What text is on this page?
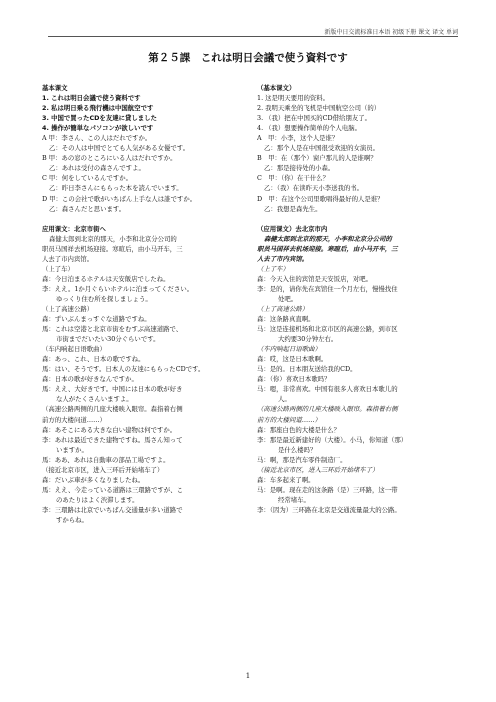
新版中日交流标准日本语 初级下册 课文 译文 单词
第２５課　これは明日会議で使う資料です
基本课文
1. これは明日会議で使う資料です
2. 私は明日乗る飛行機は中国航空です
3. 中国で買ったCDを友達に貸しました
4. 操作が簡単なパソコンが欲しいです
A 甲：李さん、この人はだれですか。
乙：その人は中国でとても人気がある女優です。
B 甲：あの窓のところにいる人はだれですか。
乙：あれは受付の森さんですよ。
C 甲：何をしているんですか。
乙：昨日李さんにもらった本を読んでいます。
D 甲：この会社で歌がいちばん上手な人は誰ですか。
乙：森さんだと思います。
应用课文：北京市街へ
森健太郎到北京的那天，小李和北京分公司的
职员马国祥去机场迎接。寒暄后，由小马开车，三
人去了市内宾馆。
（上了车）
森：今日泊まるホテルは天安飯店でしたね。
李：ええ。1か月ぐらいホテルに泊まってください。
ゆっくり住む所を探しましょう。
（上了高速公路）
森：ずいぶんまっすぐな道路ですね。
馬：これは空港と北京市街をむすぶ高速道路で、
市街までだいたい30分ぐらいです。
（车内响起日语歌曲）
森：あっ、これ、日本の歌ですね。
馬：はい、そうです。日本人の友達にもらったCDです。
森：日本の歌が好きなんですか。
馬：ええ、大好きです。中国には日本の歌が好き
な人がたくさんいますよ。
（高速公路两侧的几座大楼映入眼帘。森指着右侧
前方的大楼问道……）
森：あそこにある大きな白い建物は何ですか。
李：あれは最近できた建物ですね。馬さん知って
いますか。
馬：ああ、あれは自動車の部品工場ですよ。
（接近北京市区，进入三环后开始堵车了）
森：だいぶ車が多くなりましたね。
馬：ええ、今走っている道路は三環路ですが、こ
のあたりはよく渋滞します。
李：三環路は北京でいちばん交通量が多い道路で
すからね。
（基本课文）
1. 这是明天要用的资料。
2. 我明天乘坐的飞机是中国航空公司（的）
3. （我）把在中国买的CD借给朋友了。
4. （我）想要操作简单的个人电脑。
A　甲：小李，这个人是谁？
乙：那个人是在中国很受欢迎的女演员。
B　甲：在（那个）窗户那儿的人是谁啊？
乙：那是接待处的小森。
C　甲：（你）在干什么？
乙：（我）在读昨天小李送我的书。
D　甲：在这个公司里歌唱得最好的人是谁？
乙：我想是森先生。
（应用课文）去北京市内
森健太郎到北京的那天，小李和北京分公司的
职员马国祥去机场迎接。寒暄后，由小马开车，三
人去了市内宾馆。
（上了车）
森：今天入住的宾馆是天安饭店，对吧。
李：是的，请你先在宾馆住一个月左右，慢慢找住
处吧。
（上了高速公路）
森：这条路真直啊。
马：这是连接机场和北京市区的高速公路，到市区
大约要30分钟左右。
（车内响起日语歌曲）
森：哎，这是日本歌啊。
马：是的。日本朋友送给我的CD。
森：（你）喜欢日本歌吗？
马：嗯，非常喜欢。中国有很多人喜欢日本歌儿的
人。
（高速公路两侧的几座大楼映入眼帘。森指着右侧
前方的大楼问道……）
森：那座白色的大楼是什么？
李：那是最近新建好的（大楼）。小马，你知道（那）
是什么楼吗？
马：啊，那是汽车零件制造厂。
（接近北京市区，进入三环后开始堵车了）
森：车多起来了啊。
马：是啊。现在走的这条路（是）三环路，这一带
经常堵车。
李：（因为）三环路在北京是交通流量最大的公路。
1
